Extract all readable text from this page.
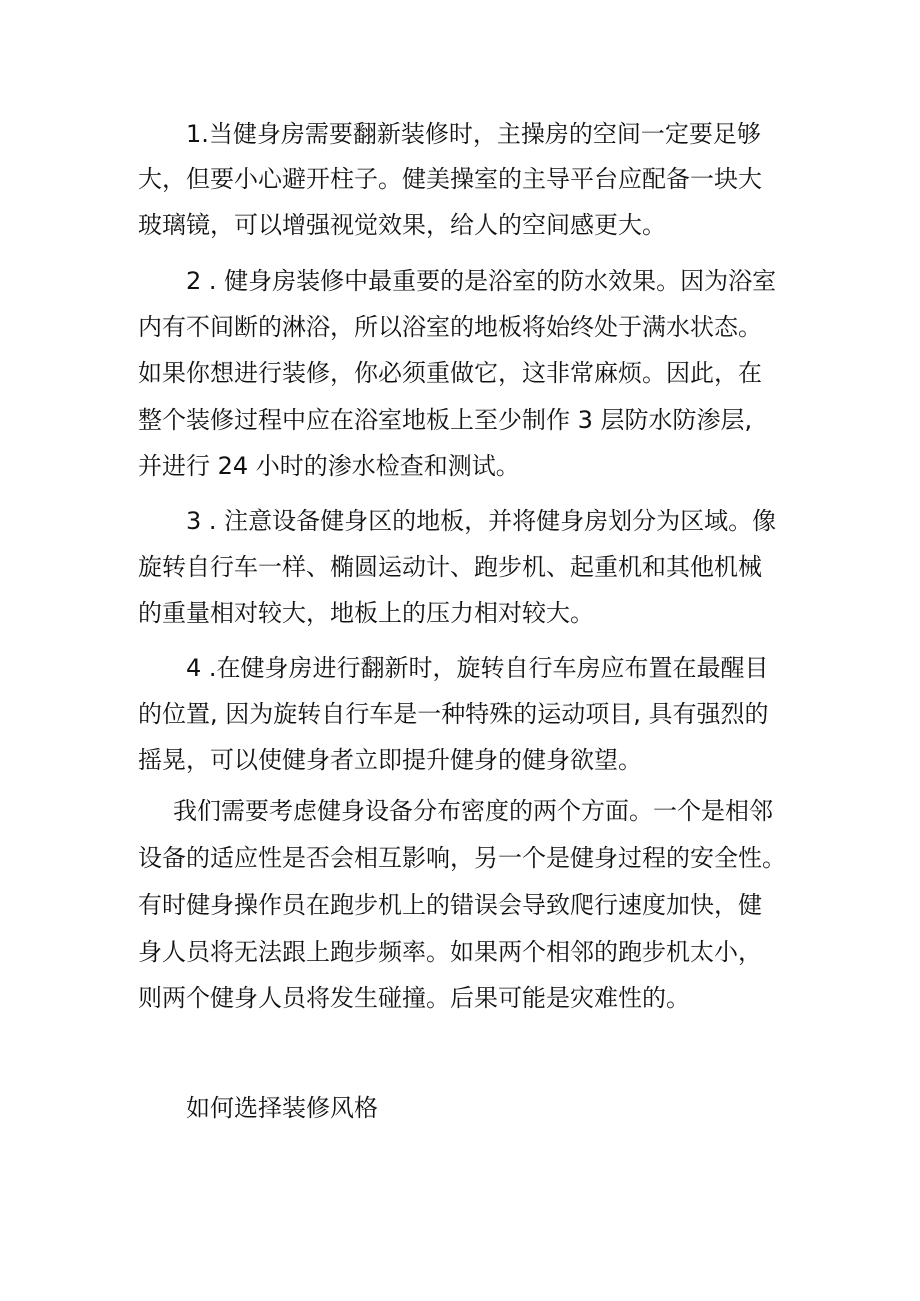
1.当健身房需要翻新装修时，主操房的空间一定要足够
大，但要小心避开柱子。健美操室的主导平台应配备一块大
玻璃镜，可以增强视觉效果，给人的空间感更大。
2 . 健身房装修中最重要的是浴室的防水效果。因为浴室
内有不间断的淋浴，所以浴室的地板将始终处于满水状态。
如果你想进行装修，你必须重做它，这非常麻烦。因此，在
整个装修过程中应在浴室地板上至少制作 3 层防水防渗层,
并进行 24 小时的渗水检查和测试。
3 . 注意设备健身区的地板，并将健身房划分为区域。像
旋转自行车一样、椭圆运动计、跑步机、起重机和其他机械
的重量相对较大，地板上的压力相对较大。
4 .在健身房进行翻新时，旋转自行车房应布置在最醒目
的位置, 因为旋转自行车是一种特殊的运动项目, 具有强烈的
摇晃，可以使健身者立即提升健身的健身欲望。
我们需要考虑健身设备分布密度的两个方面。一个是相邻
设备的适应性是否会相互影响，另一个是健身过程的安全性。
有时健身操作员在跑步机上的错误会导致爬行速度加快，健
身人员将无法跟上跑步频率。如果两个相邻的跑步机太小，
则两个健身人员将发生碰撞。后果可能是灾难性的。
如何选择装修风格
